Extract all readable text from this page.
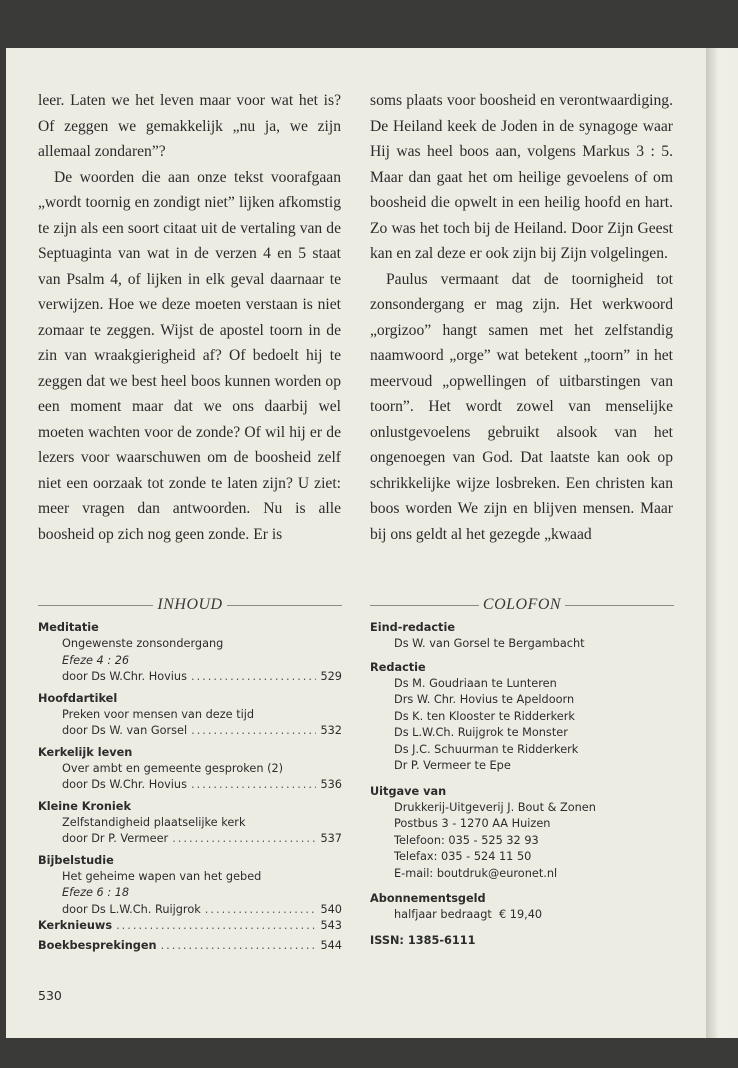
leer. Laten we het leven maar voor wat het is? Of zeggen we gemakkelijk „nu ja, we zijn allemaal zondaren”?

De woorden die aan onze tekst voorafgaan „wordt toornig en zondigt niet” lijken afkomstig te zijn als een soort citaat uit de vertaling van de Septuaginta van wat in de verzen 4 en 5 staat van Psalm 4, of lijken in elk geval daarnaar te verwijzen. Hoe we deze moeten verstaan is niet zomaar te zeggen. Wijst de apostel toorn in de zin van wraakgierigheid af? Of bedoelt hij te zeggen dat we best heel boos kunnen worden op een moment maar dat we ons daarbij wel moeten wachten voor de zonde? Of wil hij er de lezers voor waarschuwen om de boosheid zelf niet een oorzaak tot zonde te laten zijn? U ziet: meer vragen dan antwoorden. Nu is alle boosheid op zich nog geen zonde. Er is

soms plaats voor boosheid en verontwaardiging. De Heiland keek de Joden in de synagoge waar Hij was heel boos aan, volgens Markus 3 : 5. Maar dan gaat het om heilige gevoelens of om boosheid die opwelt in een heilig hoofd en hart. Zo was het toch bij de Heiland. Door Zijn Geest kan en zal deze er ook zijn bij Zijn volgelingen.

Paulus vermaant dat de toornigheid tot zonsondergang er mag zijn. Het werkwoord „orgizoo” hangt samen met het zelfstandig naamwoord „orge” wat betekent „toorn” in het meervoud „opwellingen of uitbarstingen van toorn”. Het wordt zowel van menselijke onlustgevoelens gebruikt alsook van het ongenoegen van God. Dat laatste kan ook op schrikkelijke wijze losbreken. Een christen kan boos worden We zijn en blijven mensen. Maar bij ons geldt al het gezegde „kwaad

INHOUD	COLOFON
Meditatie
Ongewenste zonsondergang
Efeze 4 : 26
door Ds W.Chr. Hovius .....	529
Hoofdartikel
Preken voor mensen van deze tijd
door Ds W. van Gorsel .....	532
Kerkelijk leven
Over ambt en gemeente gesproken (2)
door Ds W.Chr. Hovius .....	536
Kleine Kroniek
Zelfstandigheid plaatselijke kerk
door Dr P. Vermeer .....	537
Bijbelstudie
Het geheime wapen van het gebed
Efeze 6 : 18
door Ds L.W.Ch. Ruijgrok .....	540
Kerknieuws .....	543
Boekbesprekingen .....	544
Eind-redactie
Ds W. van Gorsel te Bergambacht
Redactie
Ds M. Goudriaan te Lunteren
Drs W. Chr. Hovius te Apeldoorn
Ds K. ten Klooster te Ridderkerk
Ds L.W.Ch. Ruijgrok te Monster
Ds J.C. Schuurman te Ridderkerk
Dr P. Vermeer te Epe
Uitgave van
Drukkerij-Uitgeverij J. Bout & Zonen
Postbus 3 - 1270 AA Huizen
Telefoon: 035 - 525 32 93
Telefax: 035 - 524 11 50
E-mail: boutdruk@euronet.nl
Abonnementsgeld
halfjaar bedraagt  € 19,40
ISSN: 1385-6111
530
